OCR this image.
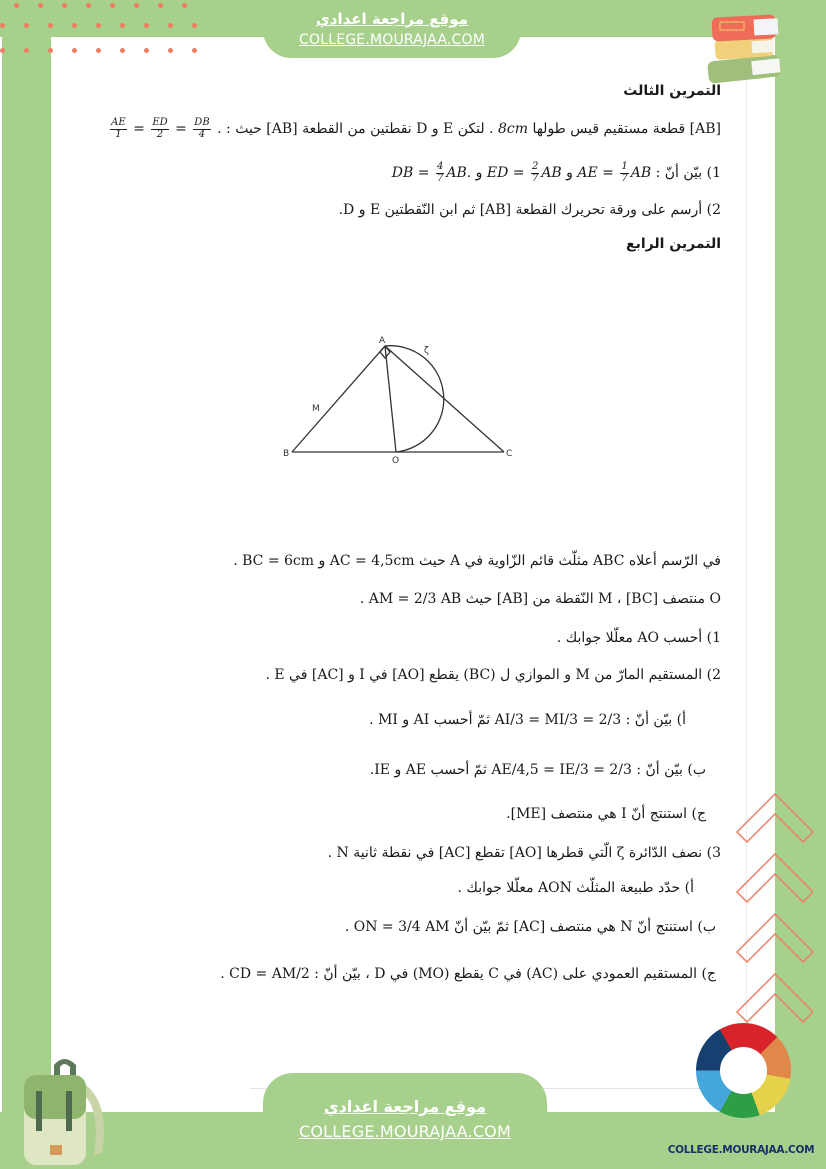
موقع مراجعة اعدادي
COLLEGE.MOURAJAA.COM
التمرين الثالث
[AB] قطعة مستقيم قيس طولها 8cm . لتكن E و D نقطتين من القطعة [AB] حيث :
$\frac{AE}{1} = \frac{ED}{2} = \frac{DB}{4}$ .
1) بيّن أنّ : AE = $\frac{1}{7}$ AB و ED = $\frac{2}{7}$ AB و DB = $\frac{4}{7}$ AB.
2) أرسم على ورقة تحريرك القطعة [AB] ثم ابن النّقطتين E و D.
التمرين الرابع
A
B	C
O
M
ζ
في الرّسم أعلاه ABC مثلّث قائم الزّاوية في A حيث AC = 4,5cm و BC = 6cm .
O منتصف [BC] ، M النّقطة من [AB] حيث AM = 2/3 AB .
1) أحسب AO معلّلا جوابك .
2) المستقيم المارّ من M و الموازي ل (BC) يقطع [AO] في I و [AC] في E .
أ) بيّن أنّ : AI/3 = MI/3 = 2/3 ثمّ أحسب AI و MI .
ب) بيّن أنّ : AE/4,5 = IE/3 = 2/3 ثمّ أحسب AE و IE.
ج) استنتج أنّ I هي منتصف [ME].
3) نصف الدّائرة ζ الّتي قطرها [AO] تقطع [AC] في نقطة ثانية N .
أ) حدّد طبيعة المثلّث AON معلّلا جوابك .
ب) استنتج أنّ N هي منتصف [AC] ثمّ بيّن أنّ ON = 3/4 AM .
ج) المستقيم العمودي على (AC) في C يقطع (MO) في D ، بيّن أنّ : CD = AM/2 .
موقع مراجعة اعدادي
COLLEGE.MOURAJAA.COM
COLLEGE.MOURAJAA.COM
